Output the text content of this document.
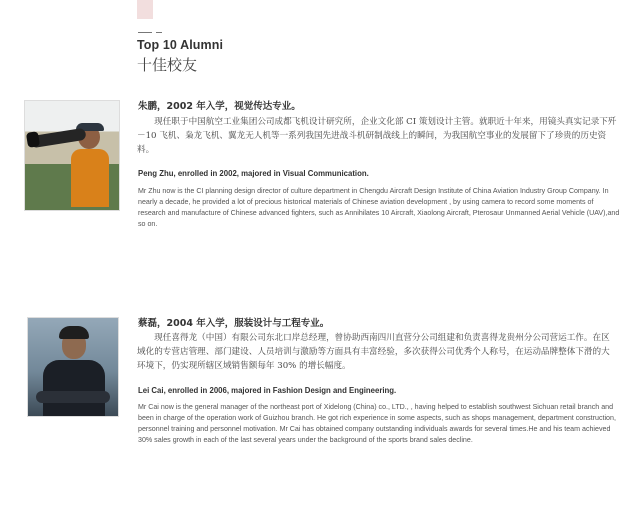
Top 10 Alumni
十佳校友
朱鹏，2002 年入学，视觉传达专业。
现任职于中国航空工业集团公司成都飞机设计研究所，企业文化部 CI 策划设计主管。就职近十年来，用镜头真实记录下歼－10 飞机、枭龙飞机、翼龙无人机等一系列我国先进战斗机研制战线上的瞬间，为我国航空事业的发展留下了珍贵的历史资料。
Peng Zhu, enrolled in 2002, majored in Visual Communication.
Mr Zhu now is the CI planning design director of culture department in Chengdu Aircraft Design Institute of China Aviation Industry Group Company. In nearly a decade, he provided a lot of precious historical materials of Chinese aviation development , by using camera to record some moments of research and manufacture of Chinese advanced fighters, such as Annihilates 10 Aircraft, Xiaolong Aircraft, Pterosaur Unmanned Aerial Vehicle (UAV),and so on.
蔡磊，2004 年入学，服装设计与工程专业。
现任喜得龙（中国）有限公司东北口岸总经理，曾协助西南四川直营分公司组建和负责喜得龙贵州分公司营运工作。在区域化的专营店管理、部门建设、人员培训与激励等方面具有丰富经验，多次获得公司优秀个人称号，在运动品牌整体下滑的大环境下，仍实现所辖区域销售额每年 30% 的增长幅度。
Lei Cai, enrolled in 2006, majored in Fashion Design and Engineering.
Mr Cai now is the general manager of the northeast port of Xidelong (China) co., LTD., , having helped to establish southwest Sichuan retail branch and been in charge of the operation work of Guizhou branch. He got rich experience in some aspects, such as shops management, department construction, personnel training and personnel motivation. Mr Cai has obtained company outstanding individuals awards for several times.He and his team achieved 30% sales growth in each of the last several years under the background of the sports brand sales decline.
